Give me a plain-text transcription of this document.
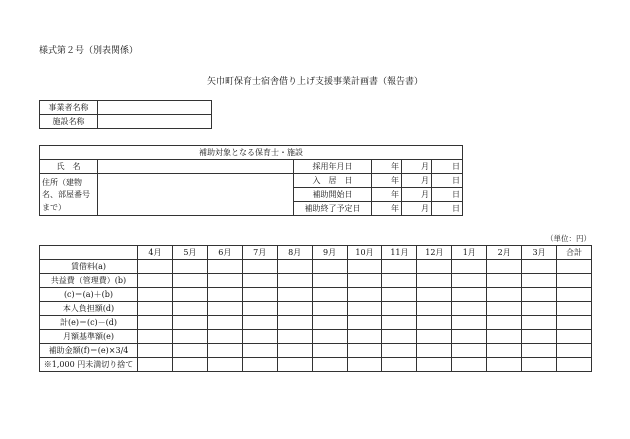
様式第２号（別表関係）
矢巾町保育士宿舎借り上げ支援事業計画書（報告書）
事業者名称	
施設名称	
補助対象となる保育士・施設					
氏　名		採用年月日	年	月	日
住所（建物名、部屋番号まで）		入　居　日	年	月	日
		補助開始日	年	月	日
		補助終了予定日	年	月	日
（単位：円）
	4月	5月	6月	7月	8月	9月	10月	11月	12月	1月	2月	3月	合計
賃借料(a)													
共益費（管理費）(b)													
(c)＝(a)＋(b)													
本人負担額(d)													
計(e)＝(c)－(d)													
月額基準額(e)													
補助金額(f)＝(e)×3/4													
※1,000 円未満切り捨て													
